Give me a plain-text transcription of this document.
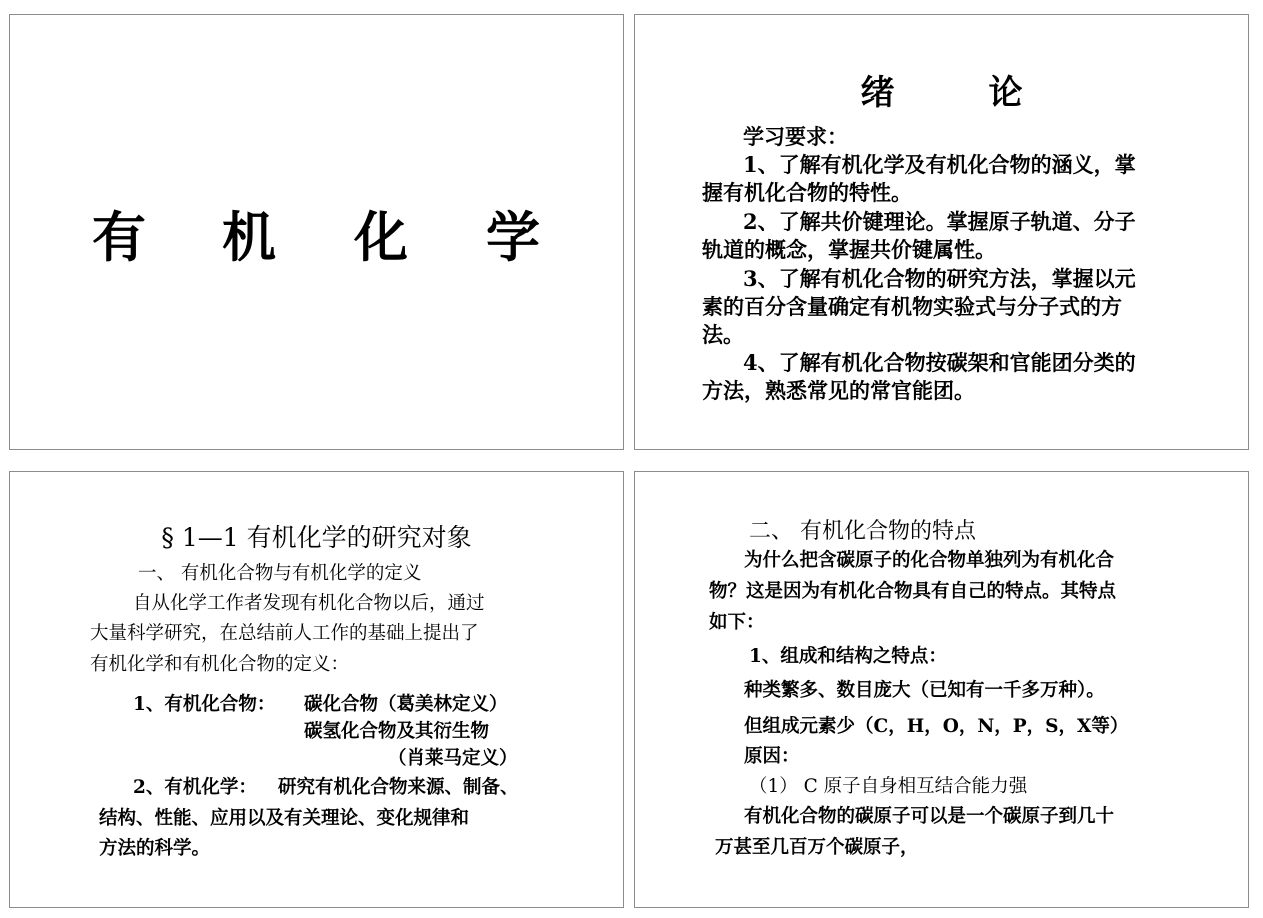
有 机 化 学
绪　论
学习要求：
1、了解有机化学及有机化合物的涵义，掌
握有机化合物的特性。
2、了解共价键理论。掌握原子轨道、分子
轨道的概念，掌握共价键属性。
3、了解有机化合物的研究方法，掌握以元
素的百分含量确定有机物实验式与分子式的方
法。
4、了解有机化合物按碳架和官能团分类的
方法，熟悉常见的常官能团。
§ 1—1 有机化学的研究对象
一、 有机化合物与有机化学的定义
自从化学工作者发现有机化合物以后，通过
大量科学研究，在总结前人工作的基础上提出了
有机化学和有机化合物的定义：
1、有机化合物： 碳化合物（葛美林定义）
碳氢化合物及其衍生物
（肖莱马定义）
2、有机化学： 研究有机化合物来源、制备、
结构、性能、应用以及有关理论、变化规律和
方法的科学。
二、 有机化合物的特点
为什么把含碳原子的化合物单独列为有机化合
物？这是因为有机化合物具有自己的特点。其特点
如下：
1、组成和结构之特点：
种类繁多、数目庞大（已知有一千多万种）。
但组成元素少（C，H，O，N，P，S，X等）
原因：
（1） C 原子自身相互结合能力强
有机化合物的碳原子可以是一个碳原子到几十
万甚至几百万个碳原子，
